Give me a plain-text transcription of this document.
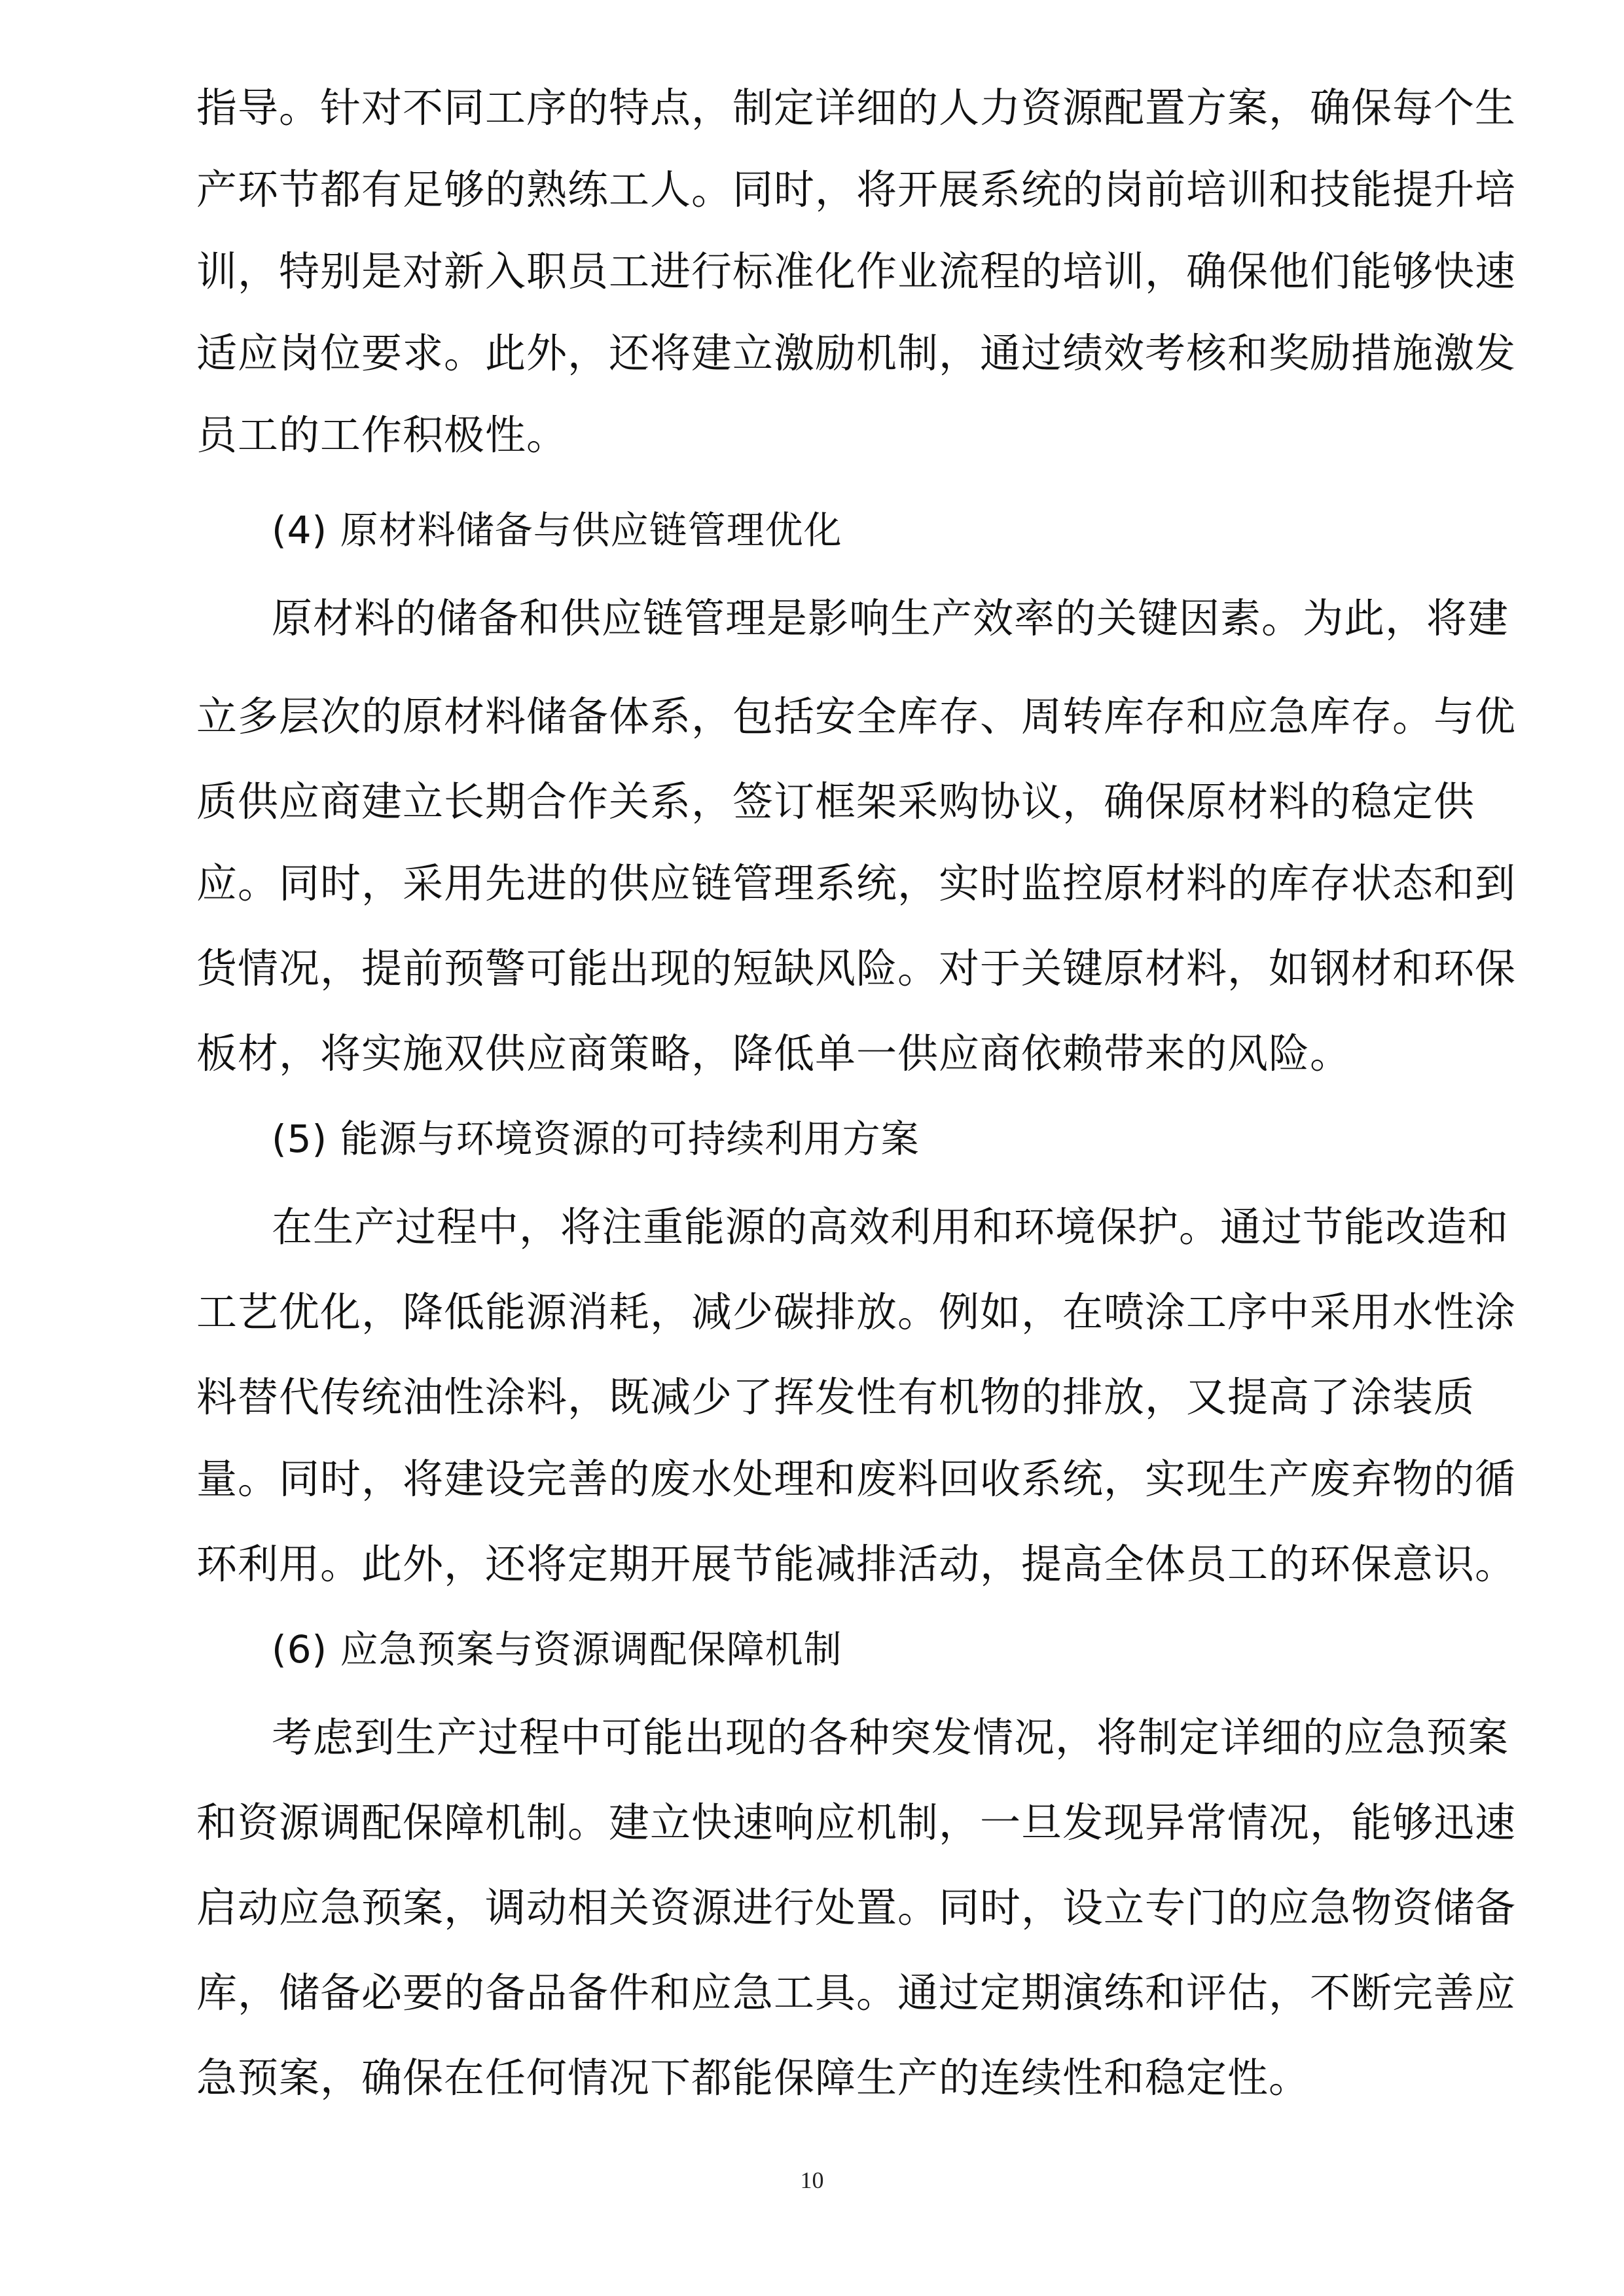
指导。针对不同工序的特点，制定详细的人力资源配置方案，确保每个生
产环节都有足够的熟练工人。同时，将开展系统的岗前培训和技能提升培
训，特别是对新入职员工进行标准化作业流程的培训，确保他们能够快速
适应岗位要求。此外，还将建立激励机制，通过绩效考核和奖励措施激发
员工的工作积极性。
(4) 原材料储备与供应链管理优化
原材料的储备和供应链管理是影响生产效率的关键因素。为此，将建
立多层次的原材料储备体系，包括安全库存、周转库存和应急库存。与优
质供应商建立长期合作关系，签订框架采购协议，确保原材料的稳定供
应。同时，采用先进的供应链管理系统，实时监控原材料的库存状态和到
货情况，提前预警可能出现的短缺风险。对于关键原材料，如钢材和环保
板材，将实施双供应商策略，降低单一供应商依赖带来的风险。
(5) 能源与环境资源的可持续利用方案
在生产过程中，将注重能源的高效利用和环境保护。通过节能改造和
工艺优化，降低能源消耗，减少碳排放。例如，在喷涂工序中采用水性涂
料替代传统油性涂料，既减少了挥发性有机物的排放，又提高了涂装质
量。同时，将建设完善的废水处理和废料回收系统，实现生产废弃物的循
环利用。此外，还将定期开展节能减排活动，提高全体员工的环保意识。
(6) 应急预案与资源调配保障机制
考虑到生产过程中可能出现的各种突发情况，将制定详细的应急预案
和资源调配保障机制。建立快速响应机制，一旦发现异常情况，能够迅速
启动应急预案，调动相关资源进行处置。同时，设立专门的应急物资储备
库，储备必要的备品备件和应急工具。通过定期演练和评估，不断完善应
急预案，确保在任何情况下都能保障生产的连续性和稳定性。
10
